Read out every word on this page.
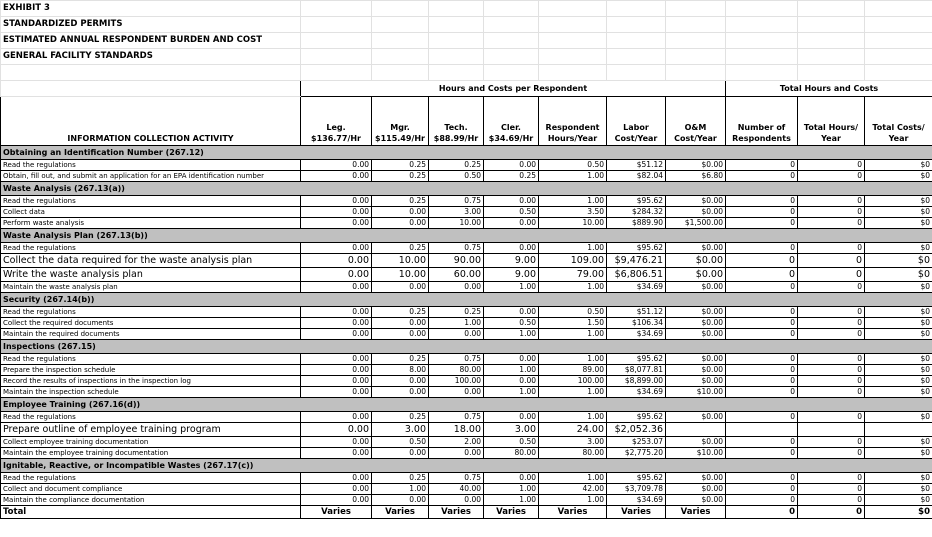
EXHIBIT 3										
STANDARDIZED PERMITS										
ESTIMATED ANNUAL RESPONDENT BURDEN AND COST										
GENERAL FACILITY STANDARDS										

	Hours and Costs per Respondent							Total Hours and Costs		
INFORMATION COLLECTION ACTIVITY	Leg. $136.77/Hr	Mgr. $115.49/Hr	Tech. $88.99/Hr	Cler. $34.69/Hr	Respondent Hours/Year	Labor Cost/Year	O&M Cost/Year	Number of Respondents	Total Hours/ Year	Total Costs/ Year
Obtaining an Identification Number (267.12)										
Read the regulations	0.00	0.25	0.25	0.00	0.50	$51.12	$0.00	0	0	$0
Obtain, fill out, and submit an application for an EPA identification number	0.00	0.25	0.50	0.25	1.00	$82.04	$6.80	0	0	$0
Waste Analysis (267.13(a))										
Read the regulations	0.00	0.25	0.75	0.00	1.00	$95.62	$0.00	0	0	$0
Collect data	0.00	0.00	3.00	0.50	3.50	$284.32	$0.00	0	0	$0
Perform waste analysis	0.00	0.00	10.00	0.00	10.00	$889.90	$1,500.00	0	0	$0
Waste Analysis Plan (267.13(b))										
Read the regulations	0.00	0.25	0.75	0.00	1.00	$95.62	$0.00	0	0	$0
Collect the data required for the waste analysis plan	0.00	10.00	90.00	9.00	109.00	$9,476.21	$0.00	0	0	$0
Write the waste analysis plan	0.00	10.00	60.00	9.00	79.00	$6,806.51	$0.00	0	0	$0
Maintain the waste analysis plan	0.00	0.00	0.00	1.00	1.00	$34.69	$0.00	0	0	$0
Security (267.14(b))										
Read the regulations	0.00	0.25	0.25	0.00	0.50	$51.12	$0.00	0	0	$0
Collect the required documents	0.00	0.00	1.00	0.50	1.50	$106.34	$0.00	0	0	$0
Maintain the required documents	0.00	0.00	0.00	1.00	1.00	$34.69	$0.00	0	0	$0
Inspections (267.15)										
Read the regulations	0.00	0.25	0.75	0.00	1.00	$95.62	$0.00	0	0	$0
Prepare the inspection schedule	0.00	8.00	80.00	1.00	89.00	$8,077.81	$0.00	0	0	$0
Record the results of inspections in the inspection log	0.00	0.00	100.00	0.00	100.00	$8,899.00	$0.00	0	0	$0
Maintain the inspection schedule	0.00	0.00	0.00	1.00	1.00	$34.69	$10.00	0	0	$0
Employee Training (267.16(d))										
Read the regulations	0.00	0.25	0.75	0.00	1.00	$95.62	$0.00	0	0	$0
Prepare outline of employee training program	0.00	3.00	18.00	3.00	24.00	$2,052.36				
Collect employee training documentation	0.00	0.50	2.00	0.50	3.00	$253.07	$0.00	0	0	$0
Maintain the employee training documentation	0.00	0.00	0.00	80.00	80.00	$2,775.20	$10.00	0	0	$0
Ignitable, Reactive, or Incompatible Wastes (267.17(c))										
Read the regulations	0.00	0.25	0.75	0.00	1.00	$95.62	$0.00	0	0	$0
Collect and document compliance	0.00	1.00	40.00	1.00	42.00	$3,709.78	$0.00	0	0	$0
Maintain the compliance documentation	0.00	0.00	0.00	1.00	1.00	$34.69	$0.00	0	0	$0
Total	Varies	Varies	Varies	Varies	Varies	Varies	Varies	0	0	$0
